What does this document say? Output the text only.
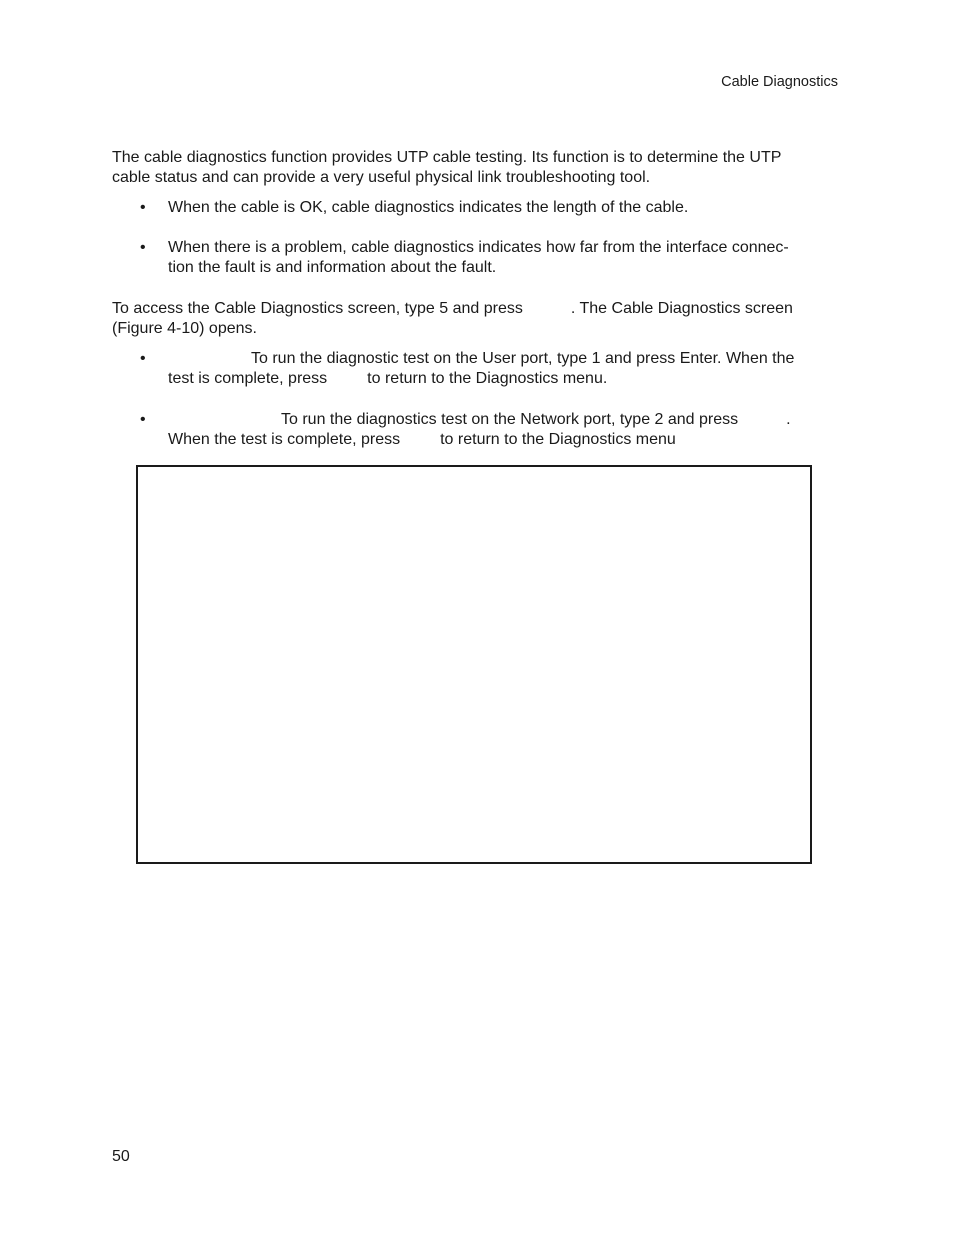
Cable Diagnostics
The cable diagnostics function provides UTP cable testing. Its function is to determine the UTP
cable status and can provide a very useful physical link troubleshooting tool.
• When the cable is OK, cable diagnostics indicates the length of the cable.
• When there is a problem, cable diagnostics indicates how far from the interface connec-
tion the fault is and information about the fault.
To access the Cable Diagnostics screen, type 5 and press	. The Cable Diagnostics screen
(Figure 4-10) opens.
•	To run the diagnostic test on the User port, type 1 and press Enter. When the
test is complete, press	to return to the Diagnostics menu.
•	To run the diagnostics test on the Network port, type 2 and press	.
When the test is complete, press	to return to the Diagnostics menu
50
